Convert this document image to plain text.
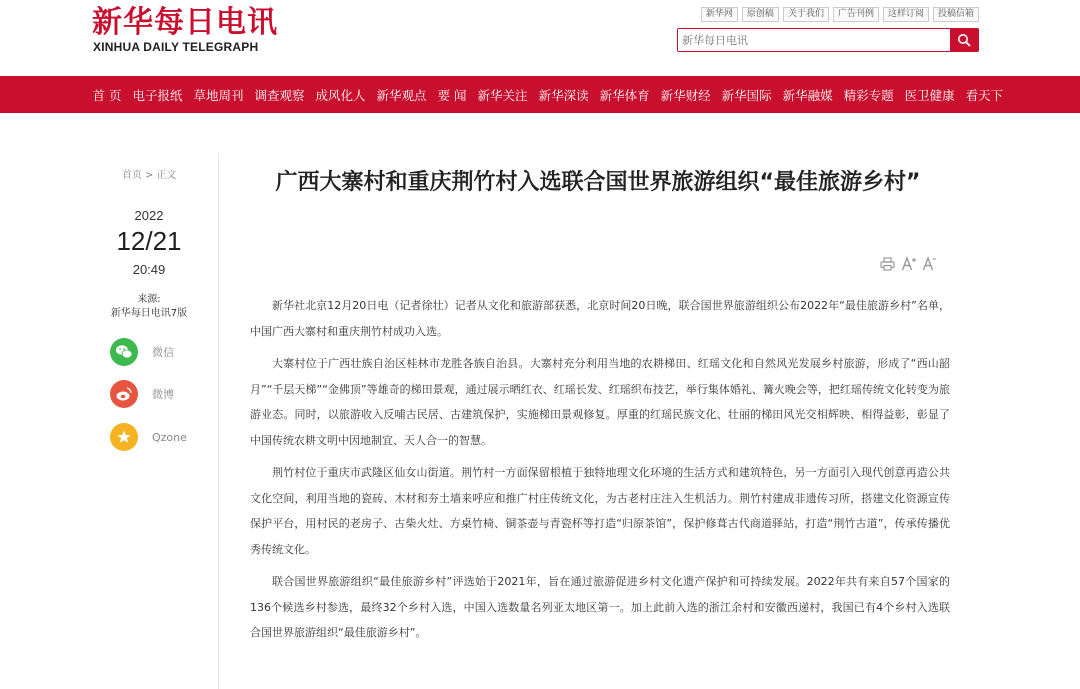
新华每日电讯
XINHUA DAILY TELEGRAPH
新华网	原创稿	关于我们	广告刊例	这样订阅	投稿信箱
新华每日电讯
首 页 电子报纸 草地周刊 调查观察 成风化人 新华观点 要 闻 新华关注 新华深读 新华体育 新华财经 新华国际 新华融媒 精彩专题 医卫健康 看天下
首页 > 正文
2022
12/21
20:49
来源:
新华每日电讯7版
微信
微博
Qzone
广西大寨村和重庆荆竹村入选联合国世界旅游组织“最佳旅游乡村”

新华社北京12月20日电（记者徐壮）记者从文化和旅游部获悉，北京时间20日晚，联合国世界旅游组织公布2022年“最佳旅游乡村”名单，中国广西大寨村和重庆荆竹村成功入选。

大寨村位于广西壮族自治区桂林市龙胜各族自治县。大寨村充分利用当地的农耕梯田、红瑶文化和自然风光发展乡村旅游，形成了“西山韶月”“千层天梯”“金佛顶”等雄奇的梯田景观，通过展示晒红衣、红瑶长发、红瑶织布技艺，举行集体婚礼、篝火晚会等，把红瑶传统文化转变为旅游业态。同时，以旅游收入反哺古民居、古建筑保护，实施梯田景观修复。厚重的红瑶民族文化、壮丽的梯田风光交相辉映、相得益彰，彰显了中国传统农耕文明中因地制宜、天人合一的智慧。

荆竹村位于重庆市武隆区仙女山街道。荆竹村一方面保留根植于独特地理文化环境的生活方式和建筑特色，另一方面引入现代创意再造公共文化空间，利用当地的瓷砖、木材和夯土墙来呼应和推广村庄传统文化，为古老村庄注入生机活力。荆竹村建成非遗传习所，搭建文化资源宣传保护平台，用村民的老房子、古柴火灶、方桌竹椅、铜茶壶与青瓷杯等打造“归原茶馆”，保护修葺古代商道驿站，打造“荆竹古道”，传承传播优秀传统文化。

联合国世界旅游组织“最佳旅游乡村”评选始于2021年，旨在通过旅游促进乡村文化遗产保护和可持续发展。2022年共有来自57个国家的136个候选乡村参选，最终32个乡村入选，中国入选数量名列亚太地区第一。加上此前入选的浙江余村和安徽西递村，我国已有4个乡村入选联合国世界旅游组织“最佳旅游乡村”。
